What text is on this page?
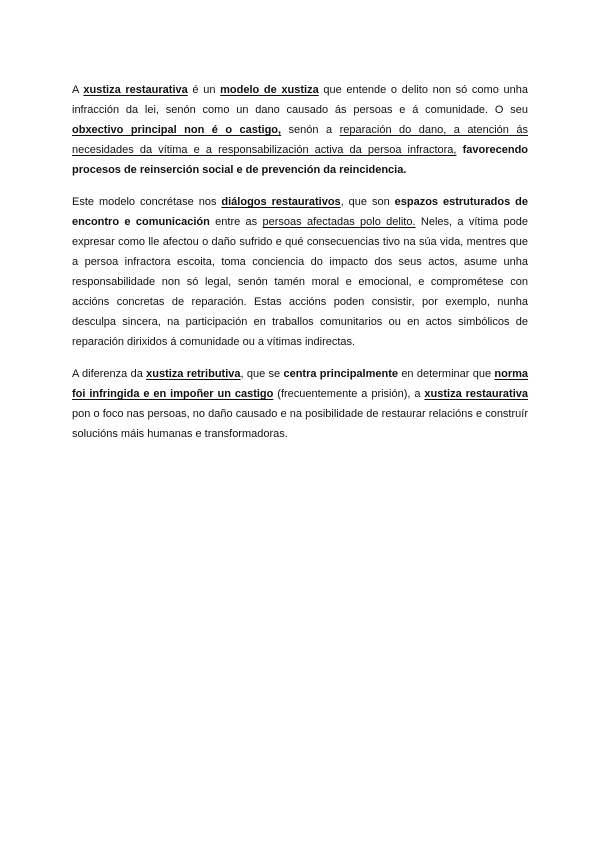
A xustiza restaurativa é un modelo de xustiza que entende o delito non só como unha infracción da lei, senón como un dano causado ás persoas e á comunidade. O seu obxectivo principal non é o castigo, senón a reparación do dano, a atención ás necesidades da vítima e a responsabilización activa da persoa infractora, favorecendo procesos de reinserción social e de prevención da reincidencia.

Este modelo concrétase nos diálogos restaurativos, que son espazos estruturados de encontro e comunicación entre as persoas afectadas polo delito. Neles, a vítima pode expresar como lle afectou o daño sufrido e qué consecuencias tivo na súa vida, mentres que a persoa infractora escoita, toma conciencia do impacto dos seus actos, asume unha responsabilidade non só legal, senón tamén moral e emocional, e comprométese con accións concretas de reparación. Estas accións poden consistir, por exemplo, nunha desculpa sincera, na participación en traballos comunitarios ou en actos simbólicos de reparación dirixidos á comunidade ou a vítimas indirectas.

A diferenza da xustiza retributiva, que se centra principalmente en determinar que norma foi infringida e en impoñer un castigo (frecuentemente a prisión), a xustiza restaurativa pon o foco nas persoas, no daño causado e na posibilidade de restaurar relacións e construír solucións máis humanas e transformadoras.
